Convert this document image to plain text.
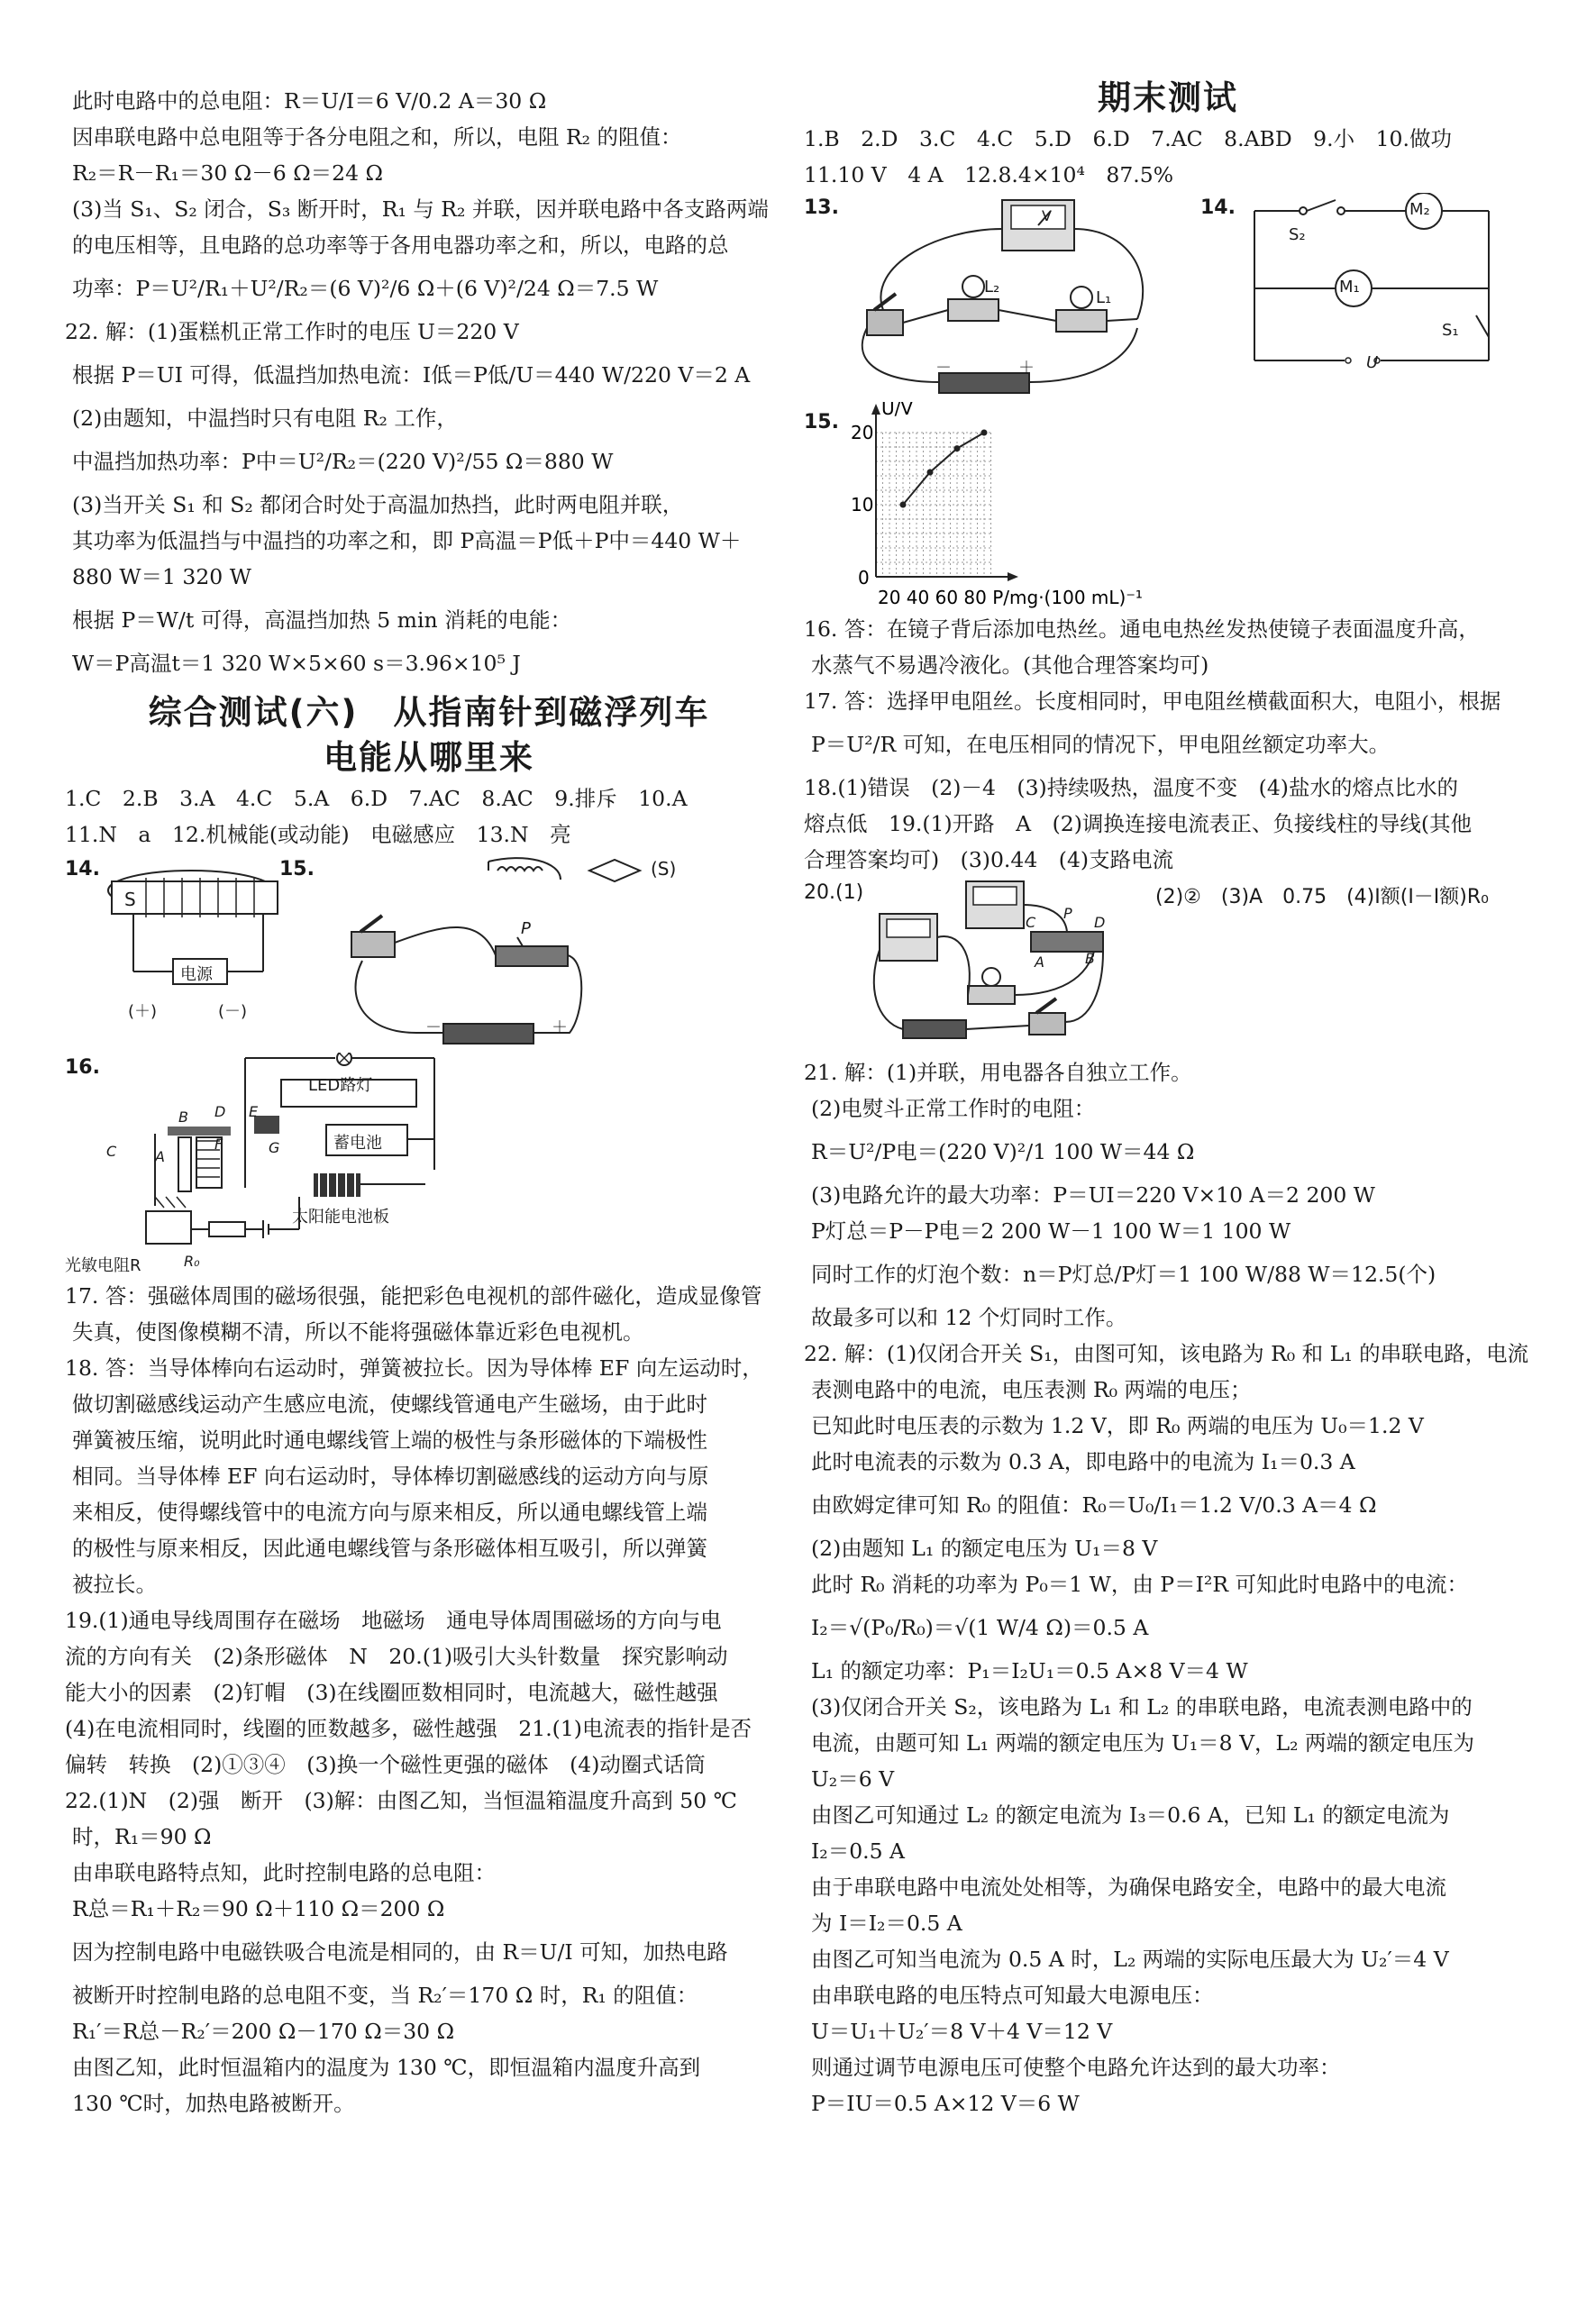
此时电路中的总电阻：R＝U/I＝6 V/0.2 A＝30 Ω
因串联电路中总电阻等于各分电阻之和，所以，电阻 R₂ 的阻值：
R₂＝R－R₁＝30 Ω－6 Ω＝24 Ω
(3)当 S₁、S₂ 闭合，S₃ 断开时，R₁ 与 R₂ 并联，因并联电路中各支路两端
的电压相等，且电路的总功率等于各用电器功率之和，所以，电路的总
功率：P＝U²/R₁＋U²/R₂＝(6 V)²/6 Ω＋(6 V)²/24 Ω＝7.5 W
22. 解：(1)蛋糕机正常工作时的电压 U＝220 V
根据 P＝UI 可得，低温挡加热电流：I低＝P低/U＝440 W/220 V＝2 A
(2)由题知，中温挡时只有电阻 R₂ 工作，
中温挡加热功率：P中＝U²/R₂＝(220 V)²/55 Ω＝880 W
(3)当开关 S₁ 和 S₂ 都闭合时处于高温加热挡，此时两电阻并联，
其功率为低温挡与中温挡的功率之和，即 P高温＝P低＋P中＝440 W＋
880 W＝1 320 W
根据 P＝W/t 可得，高温挡加热 5 min 消耗的电能：
W＝P高温t＝1 320 W×5×60 s＝3.96×10⁵ J
综合测试(六)　从指南针到磁浮列车
电能从哪里来
1.C　2.B　3.A　4.C　5.A　6.D　7.AC　8.AC　9.排斥　10.A
11.N　a　12.机械能(或动能)　电磁感应　13.N　亮
14.
S
电源
(＋)	(－)
15.	(S)
P
－	＋
16.
LED路灯
蓄电池
太阳能电池板
光敏电阻R	R₀
B D E
C	A
F	G
17. 答：强磁体周围的磁场很强，能把彩色电视机的部件磁化，造成显像管
失真，使图像模糊不清，所以不能将强磁体靠近彩色电视机。
18. 答：当导体棒向右运动时，弹簧被拉长。因为导体棒 EF 向左运动时，
做切割磁感线运动产生感应电流，使螺线管通电产生磁场，由于此时
弹簧被压缩，说明此时通电螺线管上端的极性与条形磁体的下端极性
相同。当导体棒 EF 向右运动时，导体棒切割磁感线的运动方向与原
来相反，使得螺线管中的电流方向与原来相反，所以通电螺线管上端
的极性与原来相反，因此通电螺线管与条形磁体相互吸引，所以弹簧
被拉长。
19.(1)通电导线周围存在磁场　地磁场　通电导体周围磁场的方向与电
流的方向有关　(2)条形磁体　N　20.(1)吸引大头针数量　探究影响动
能大小的因素　(2)钉帽　(3)在线圈匝数相同时，电流越大，磁性越强
(4)在电流相同时，线圈的匝数越多，磁性越强　21.(1)电流表的指针是否
偏转　转换　(2)①③④　(3)换一个磁性更强的磁体　(4)动圈式话筒
22.(1)N　(2)强　断开　(3)解：由图乙知，当恒温箱温度升高到 50 ℃
时，R₁＝90 Ω
由串联电路特点知，此时控制电路的总电阻：
R总＝R₁＋R₂＝90 Ω＋110 Ω＝200 Ω
因为控制电路中电磁铁吸合电流是相同的，由 R＝U/I 可知，加热电路
被断开时控制电路的总电阻不变，当 R₂′＝170 Ω 时，R₁ 的阻值：
R₁′＝R总－R₂′＝200 Ω－170 Ω＝30 Ω
由图乙知，此时恒温箱内的温度为 130 ℃，即恒温箱内温度升高到
130 ℃时，加热电路被断开。
期末测试
1.B　2.D　3.C　4.C　5.D　6.D　7.AC　8.ABD　9.小　10.做功
11.10 V　4 A　12.8.4×10⁴　87.5%
13.	V
L₂
L₁
－	＋
14.
S₂
M₂
M₁
S₁
U
15.
U/V
0
20 40 60 80 P/mg·(100 mL)⁻¹
20
10
16. 答：在镜子背后添加电热丝。通电电热丝发热使镜子表面温度升高，
水蒸气不易遇冷液化。(其他合理答案均可)
17. 答：选择甲电阻丝。长度相同时，甲电阻丝横截面积大，电阻小，根据
P＝U²/R 可知，在电压相同的情况下，甲电阻丝额定功率大。
18.(1)错误　(2)－4　(3)持续吸热，温度不变　(4)盐水的熔点比水的
熔点低　19.(1)开路　A　(2)调换连接电流表正、负接线柱的导线(其他
合理答案均可)　(3)0.44　(4)支路电流
20.(1)	(2)②　(3)A　0.75　(4)I额(I－I额)R₀
C
P
D
A	B
21. 解：(1)并联，用电器各自独立工作。
(2)电熨斗正常工作时的电阻：
R＝U²/P电＝(220 V)²/1 100 W＝44 Ω
(3)电路允许的最大功率：P＝UI＝220 V×10 A＝2 200 W
P灯总＝P－P电＝2 200 W－1 100 W＝1 100 W
同时工作的灯泡个数：n＝P灯总/P灯＝1 100 W/88 W＝12.5(个)
故最多可以和 12 个灯同时工作。
22. 解：(1)仅闭合开关 S₁，由图可知，该电路为 R₀ 和 L₁ 的串联电路，电流
表测电路中的电流，电压表测 R₀ 两端的电压；
已知此时电压表的示数为 1.2 V，即 R₀ 两端的电压为 U₀＝1.2 V
此时电流表的示数为 0.3 A，即电路中的电流为 I₁＝0.3 A
由欧姆定律可知 R₀ 的阻值：R₀＝U₀/I₁＝1.2 V/0.3 A＝4 Ω
(2)由题知 L₁ 的额定电压为 U₁＝8 V
此时 R₀ 消耗的功率为 P₀＝1 W，由 P＝I²R 可知此时电路中的电流：
I₂＝√(P₀/R₀)＝√(1 W/4 Ω)＝0.5 A
L₁ 的额定功率：P₁＝I₂U₁＝0.5 A×8 V＝4 W
(3)仅闭合开关 S₂，该电路为 L₁ 和 L₂ 的串联电路，电流表测电路中的
电流，由题可知 L₁ 两端的额定电压为 U₁＝8 V，L₂ 两端的额定电压为
U₂＝6 V
由图乙可知通过 L₂ 的额定电流为 I₃＝0.6 A，已知 L₁ 的额定电流为
I₂＝0.5 A
由于串联电路中电流处处相等，为确保电路安全，电路中的最大电流
为 I＝I₂＝0.5 A
由图乙可知当电流为 0.5 A 时，L₂ 两端的实际电压最大为 U₂′＝4 V
由串联电路的电压特点可知最大电源电压：
U＝U₁＋U₂′＝8 V＋4 V＝12 V
则通过调节电源电压可使整个电路允许达到的最大功率：
P＝IU＝0.5 A×12 V＝6 W
